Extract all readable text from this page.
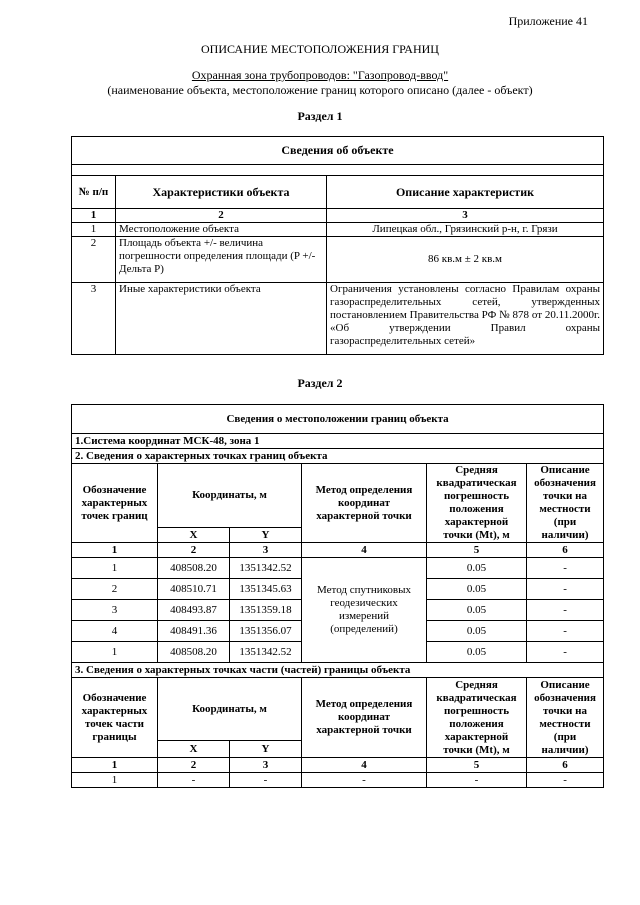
Приложение 41
ОПИСАНИЕ МЕСТОПОЛОЖЕНИЯ ГРАНИЦ
Охранная зона трубопроводов: "Газопровод-ввод"
(наименование объекта, местоположение границ которого описано (далее - объект)
Раздел 1
Сведения об объекте		

№ п/п	Характеристики объекта	Описание характеристик
1	2	3
1	Местоположение объекта	Липецкая обл., Грязинский р-н, г. Грязи
2	Площадь объекта +/- величина погрешности определения площади (P +/- Дельта P)	86 кв.м ± 2 кв.м
3	Иные характеристики объекта	Ограничения установлены согласно Правилам охраны газораспределительных сетей, утвержденных постановлением Правительства РФ № 878 от 20.11.2000г. «Об утверждении Правил охраны газораспределительных сетей»
Раздел 2
Сведения о местоположении границ объекта					
1.Система координат МСК-48, зона 1					
2. Сведения о характерных точках границ объекта					
Обозначение характерных точек границ	Координаты, м		Метод определения координат характерной точки	Средняя квадратическая погрешность положения характерной точки (Mt), м	Описание обозначения точки на местности (при наличии)
	X	Y			
1	2	3	4	5	6
1	408508.20	1351342.52	Метод спутниковых геодезических измерений (определений)	0.05	-
2	408510.71	1351345.63		0.05	-
3	408493.87	1351359.18		0.05	-
4	408491.36	1351356.07		0.05	-
1	408508.20	1351342.52		0.05	-
3. Сведения о характерных точках части (частей) границы объекта					
Обозначение характерных точек части границы	Координаты, м		Метод определения координат характерной точки	Средняя квадратическая погрешность положения характерной точки (Mt), м	Описание обозначения точки на местности (при наличии)
	X	Y			
1	2	3	4	5	6
1	-	-	-	-	-
